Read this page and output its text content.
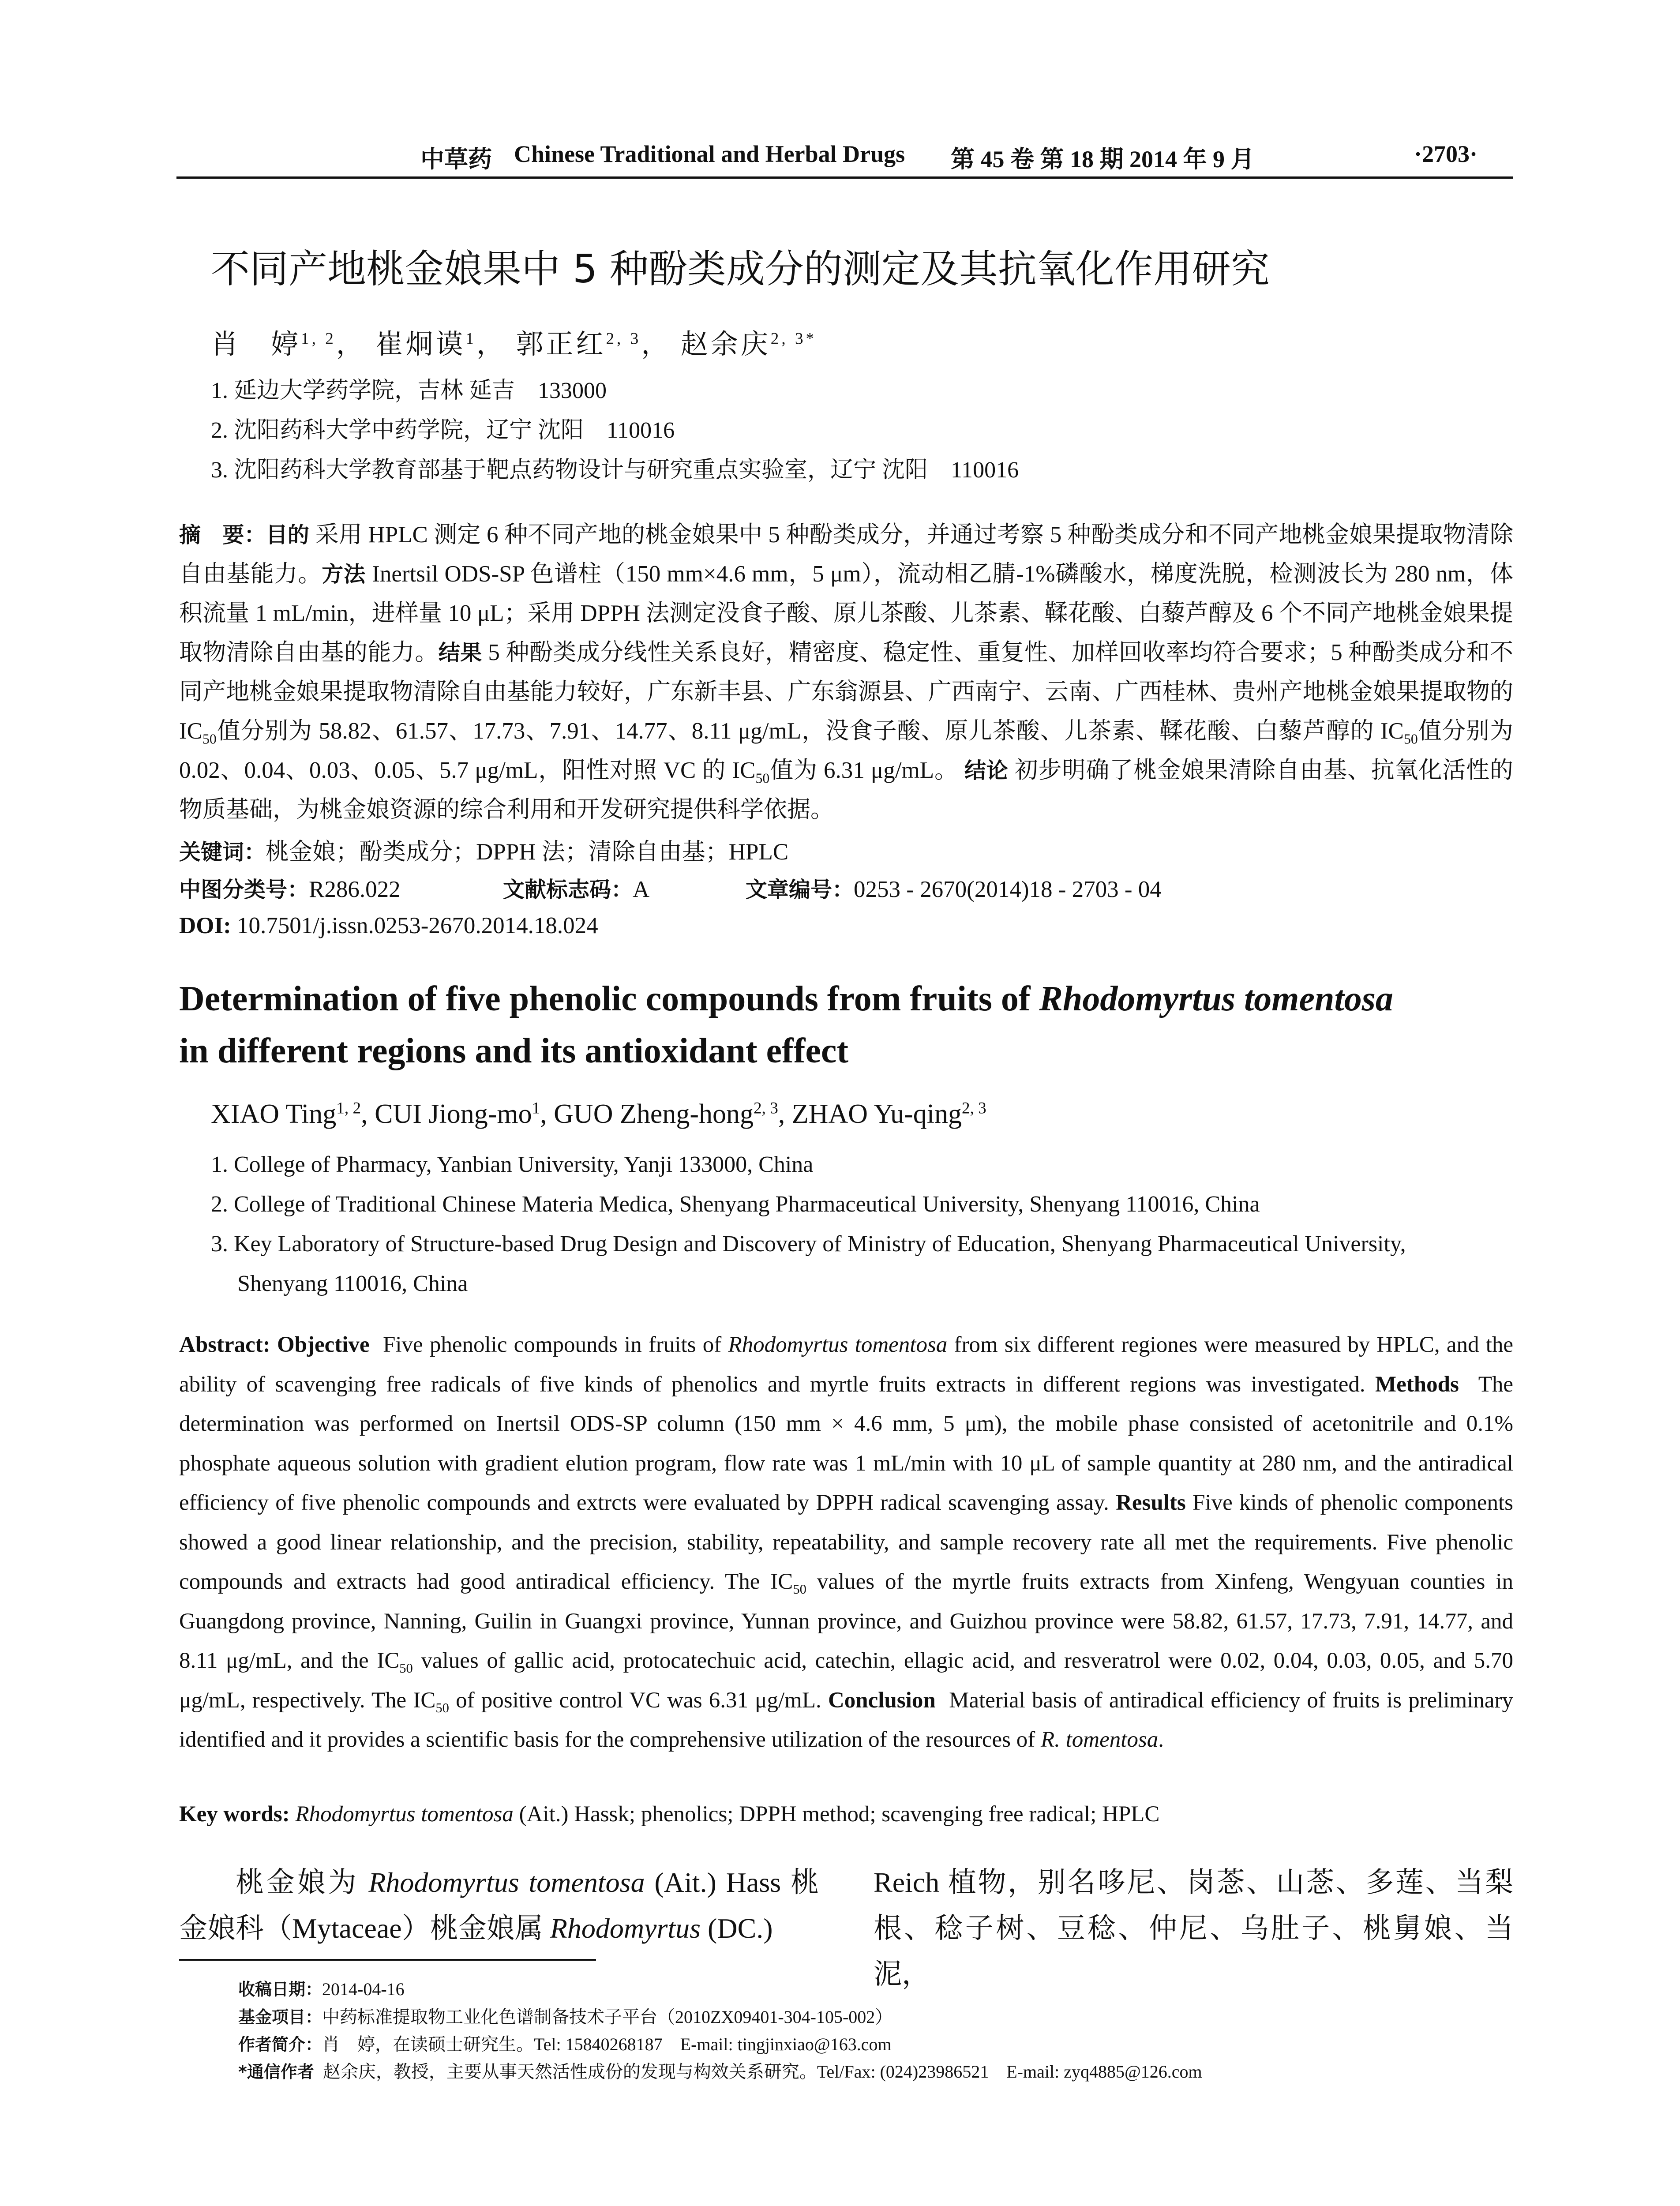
中草药 Chinese Traditional and Herbal Drugs 第 45 卷 第 18 期 2014 年 9 月	·2703·
不同产地桃金娘果中 5 种酚类成分的测定及其抗氧化作用研究
肖　婷$^{1, 2}$， 崔炯谟$^1$， 郭正红$^{2, 3}$， 赵余庆$^{2, 3*}$
1. 延边大学药学院，吉林 延吉　133000
2. 沈阳药科大学中药学院，辽宁 沈阳　110016
3. 沈阳药科大学教育部基于靶点药物设计与研究重点实验室，辽宁 沈阳　110016
摘　要：目的 采用 HPLC 测定 6 种不同产地的桃金娘果中 5 种酚类成分，并通过考察 5 种酚类成分和不同产地桃金娘果提取物清除自由基能力。方法 Inertsil ODS-SP 色谱柱（150 mm×4.6 mm，5 μm），流动相乙腈-1%磷酸水，梯度洗脱，检测波长为 280 nm，体积流量 1 mL/min，进样量 10 μL；采用 DPPH 法测定没食子酸、原儿茶酸、儿茶素、鞣花酸、白藜芦醇及 6 个不同产地桃金娘果提取物清除自由基的能力。结果 5 种酚类成分线性关系良好，精密度、稳定性、重复性、加样回收率均符合要求；5 种酚类成分和不同产地桃金娘果提取物清除自由基能力较好，广东新丰县、广东翁源县、广西南宁、云南、广西桂林、贵州产地桃金娘果提取物的 $IC_{50}$值分别为 58.82、61.57、17.73、7.91、14.77、8.11 μg/mL，没食子酸、原儿茶酸、儿茶素、鞣花酸、白藜芦醇的 $IC_{50}$值分别为 0.02、0.04、0.03、0.05、5.7 μg/mL，阳性对照 VC 的 $IC_{50}$值为 6.31 μg/mL。 结论 初步明确了桃金娘果清除自由基、抗氧化活性的物质基础，为桃金娘资源的综合利用和开发研究提供科学依据。
关键词：桃金娘；酚类成分；DPPH 法；清除自由基；HPLC
中图分类号：R286.022	文献标志码：A	文章编号：0253 - 2670(2014)18 - 2703 - 04
DOI: 10.7501/j.issn.0253-2670.2014.18.024
Determination of five phenolic compounds from fruits of Rhodomyrtus tomentosa
in different regions and its antioxidant effect
XIAO Ting$^{1, 2}$, CUI Jiong-$mo^1$, GUO Zheng-hong$^{2, 3}$, ZHAO Yu-qing$^{2, 3}$
1. College of Pharmacy, Yanbian University, Yanji 133000, China
2. College of Traditional Chinese Materia Medica, Shenyang Pharmaceutical University, Shenyang 110016, China
3. Key Laboratory of Structure-based Drug Design and Discovery of Ministry of Education, Shenyang Pharmaceutical University,
Shenyang 110016, China
Abstract: Objective Five phenolic compounds in fruits of Rhodomyrtus tomentosa from six different regiones were measured by HPLC, and the ability of scavenging free radicals of five kinds of phenolics and myrtle fruits extracts in different regions was investigated. Methods The determination was performed on Inertsil ODS-SP column (150 mm × 4.6 mm, 5 μm), the mobile phase consisted of acetonitrile and 0.1% phosphate aqueous solution with gradient elution program, flow rate was 1 mL/min with 10 μL of sample quantity at 280 nm, and the antiradical efficiency of five phenolic compounds and extrcts were evaluated by DPPH radical scavenging assay. Results Five kinds of phenolic components showed a good linear relationship, and the precision, stability, repeatability, and sample recovery rate all met the requirements. Five phenolic compounds and extracts had good antiradical efficiency. The $IC_{50}$ values of the myrtle fruits extracts from Xinfeng, Wengyuan counties in Guangdong province, Nanning, Guilin in Guangxi province, Yunnan province, and Guizhou province were 58.82, 61.57, 17.73, 7.91, 14.77, and 8.11 μg/mL, and the $IC_{50}$ values of gallic acid, protocatechuic acid, catechin, ellagic acid, and resveratrol were 0.02, 0.04, 0.03, 0.05, and 5.70 μg/mL, respectively. The $IC_{50}$ of positive control VC was 6.31 μg/mL. Conclusion Material basis of antiradical efficiency of fruits is preliminary identified and it provides a scientific basis for the comprehensive utilization of the resources of R. tomentosa.
Key words: Rhodomyrtus tomentosa (Ait.) Hassk; phenolics; DPPH method; scavenging free radical; HPLC
桃金娘为 Rhodomyrtus tomentosa (Ait.) Hass 桃金娘科（Mytaceae）桃金娘属 Rhodomyrtus (DC.)
Reich 植物，别名哆尼、岗菍、山菍、多莲、当梨根、稔子树、豆稔、仲尼、乌肚子、桃舅娘、当泥，
收稿日期：2014-04-16
基金项目：中药标准提取物工业化色谱制备技术子平台（2010ZX09401-304-105-002）
作者简介：肖　婷，在读硕士研究生。Tel: 15840268187　E-mail: tingjinxiao@163.com
*通信作者 赵余庆，教授，主要从事天然活性成份的发现与构效关系研究。Tel/Fax: (024)23986521　E-mail: zyq4885@126.com
